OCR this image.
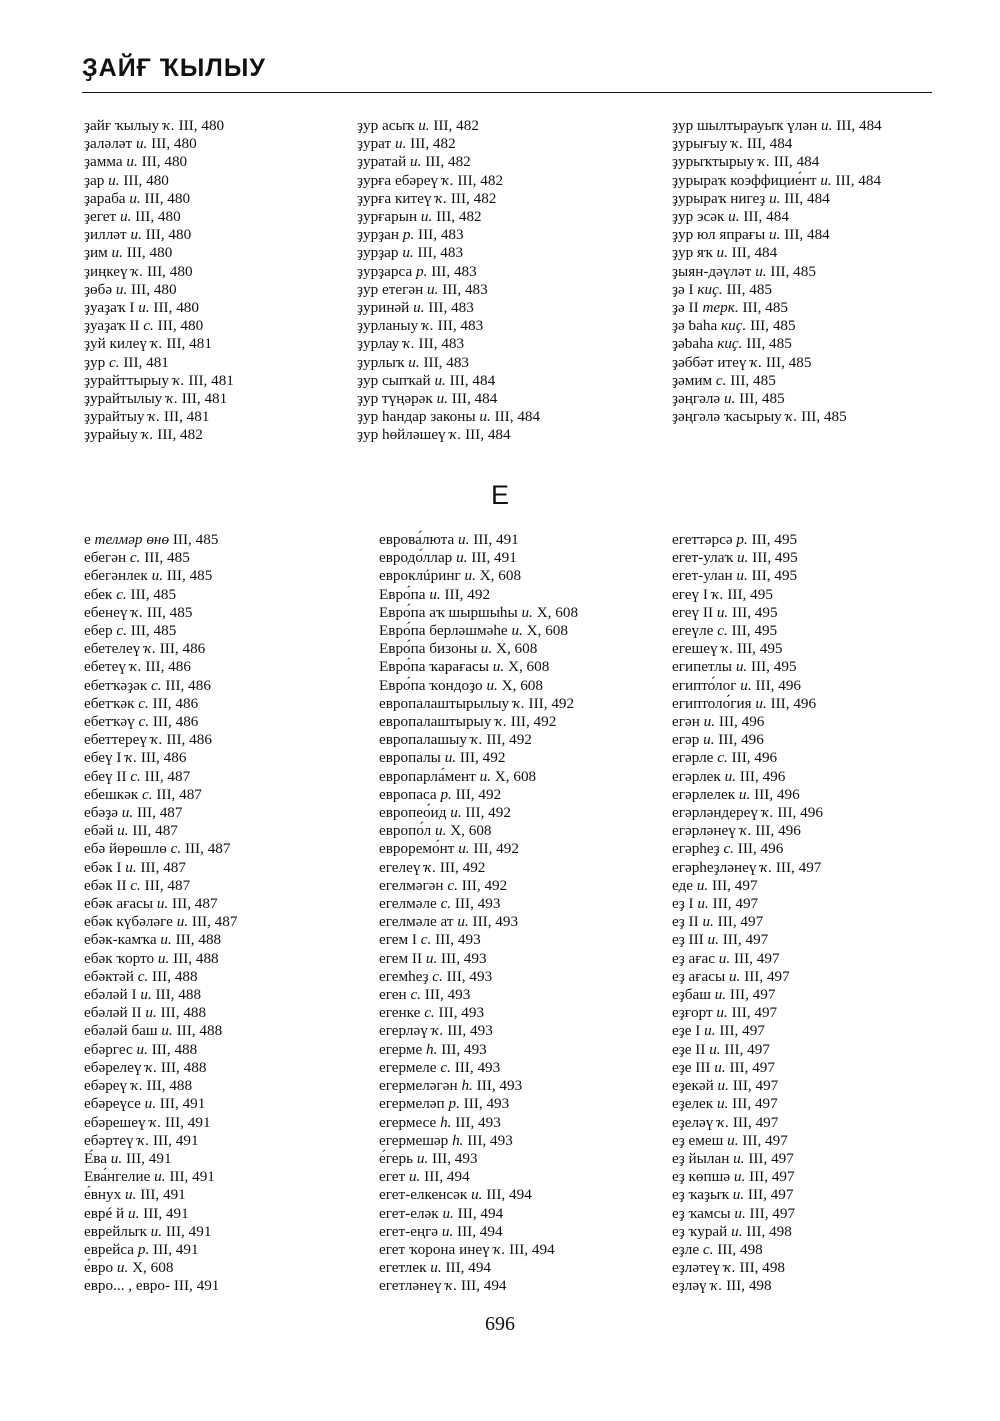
ҘАЙҒ ҠЫЛЫУ
ҙайғ ҡылыу ҡ. III, 480
ҙаләләт и. III, 480
ҙамма и. III, 480
ҙар и. III, 480
ҙараба и. III, 480
ҙегет и. III, 480
ҙилләт и. III, 480
ҙим и. III, 480
ҙиңкеү ҡ. III, 480
ҙөбә и. III, 480
ҙуаҙаҡ I и. III, 480
ҙуаҙаҡ II с. III, 480
ҙуй килеү ҡ. III, 481
ҙур с. III, 481
ҙурайттырыу ҡ. III, 481
ҙурайтылыу ҡ. III, 481
ҙурайтыу ҡ. III, 481
ҙурайыу ҡ. III, 482
ҙур асыҡ и. III, 482
ҙурат и. III, 482
ҙуратай и. III, 482
ҙурға ебәреү ҡ. III, 482
ҙурға китеү ҡ. III, 482
ҙурғарын и. III, 482
ҙурҙан р. III, 483
ҙурҙар и. III, 483
ҙурҙарса р. III, 483
ҙур етегән и. III, 483
ҙуринәй и. III, 483
ҙурланыу ҡ. III, 483
ҙурлау ҡ. III, 483
ҙурлыҡ и. III, 483
ҙур сыпҡай и. III, 484
ҙур түңәрәк и. III, 484
ҙур һандар законы и. III, 484
ҙур һөйләшеү ҡ. III, 484
ҙур шылтырауыҡ үлән и. III, 484
ҙурығыу ҡ. III, 484
ҙурыҡтырыу ҡ. III, 484
ҙурыраҡ коэффицие́нт и. III, 484
ҙурыраҡ нигеҙ и. III, 484
ҙур эсәк и. III, 484
ҙур юл япрағы и. III, 484
ҙур яҡ и. III, 484
ҙыян-дәүләт и. III, 485
ҙә I киҫ. III, 485
ҙә II терк. III, 485
ҙә ƅаһа киҫ. III, 485
ҙәƅаһа киҫ. III, 485
ҙәббәт итеү ҡ. III, 485
ҙәмим с. III, 485
ҙәңгәлә и. III, 485
ҙәңгәлә ҡасырыу ҡ. III, 485
Е
е телмәр өнө III, 485
ебегән с. III, 485
ебегәнлек и. III, 485
ебек с. III, 485
ебенеү ҡ. III, 485
ебер с. III, 485
ебетелеү ҡ. III, 486
ебетеү ҡ. III, 486
ебетҡәҙәк с. III, 486
ебетҡәк с. III, 486
ебетҡәү с. III, 486
ебеттереү ҡ. III, 486
ебеү I ҡ. III, 486
ебеү II с. III, 487
ебешкәк с. III, 487
ебәҙә и. III, 487
ебәй и. III, 487
ебә йөрөшлө с. III, 487
ебәк I и. III, 487
ебәк II с. III, 487
ебәк ағасы и. III, 487
ебәк күбәләге и. III, 487
ебәк-камҡа и. III, 488
ебәк ҡорто и. III, 488
ебәктәй с. III, 488
ебәләй I и. III, 488
ебәләй II и. III, 488
ебәләй баш и. III, 488
ебәргес и. III, 488
ебәрелеү ҡ. III, 488
ебәреү ҡ. III, 488
ебәреүсе и. III, 491
ебәрешеү ҡ. III, 491
ебәртеү ҡ. III, 491
Е́ва и. III, 491
Ева́нгелие и. III, 491
е́внух и. III, 491
еврé й и. III, 491
еврейлыҡ и. III, 491
еврейса р. III, 491
е́вро и. X, 608
евро... , евро- III, 491
еврова́люта и. III, 491
евродо́ллар и. III, 491
евроклúринг и. X, 608
Евро́па и. III, 492
Евро́па аҡ шыршыһы и. X, 608
Евро́па берләшмәһе и. X, 608
Евро́па бизоны и. X, 608
Евро́па ҡарағасы и. X, 608
Евро́па ҡондоҙо и. X, 608
европалаштырылыу ҡ. III, 492
европалаштырыу ҡ. III, 492
европалашыу ҡ. III, 492
европалы и. III, 492
европарла́мент и. X, 608
европаса р. III, 492
европео́ид и. III, 492
европо́л и. X, 608
евроремо́нт и. III, 492
егелеү ҡ. III, 492
егелмәгән с. III, 492
егелмәле с. III, 493
егелмәле ат и. III, 493
егем I с. III, 493
егем II и. III, 493
егемһеҙ с. III, 493
еген с. III, 493
егенке с. III, 493
егерләү ҡ. III, 493
егерме һ. III, 493
егермеле с. III, 493
егермеләгән һ. III, 493
егермеләп р. III, 493
егермесе һ. III, 493
егермешәр һ. III, 493
е́герь и. III, 493
егет и. III, 494
егет-елкенсәк и. III, 494
егет-еләк и. III, 494
егет-еңгә и. III, 494
егет ҡорона инеү ҡ. III, 494
егетлек и. III, 494
егетләнеү ҡ. III, 494
егеттәрсә р. III, 495
егет-улаҡ и. III, 495
егет-улан и. III, 495
егеү I ҡ. III, 495
егеү II и. III, 495
егеүле с. III, 495
егешеү ҡ. III, 495
египетлы и. III, 495
египто́лог и. III, 496
египтоло́гия и. III, 496
егән и. III, 496
егәр и. III, 496
егәрле с. III, 496
егәрлек и. III, 496
егәрлелек и. III, 496
егәрләндереү ҡ. III, 496
егәрләнеү ҡ. III, 496
егәрһеҙ с. III, 496
егәрһеҙләнеү ҡ. III, 497
еде и. III, 497
еҙ I и. III, 497
еҙ II и. III, 497
еҙ III и. III, 497
еҙ ағас и. III, 497
еҙ ағасы и. III, 497
еҙбаш и. III, 497
еҙғорт и. III, 497
еҙе I и. III, 497
еҙе II и. III, 497
еҙе III и. III, 497
еҙекәй и. III, 497
еҙелек и. III, 497
еҙеләү ҡ. III, 497
еҙ емеш и. III, 497
еҙ йылан и. III, 497
еҙ көпшә и. III, 497
еҙ ҡаҙыҡ и. III, 497
еҙ ҡамсы и. III, 497
еҙ ҡурай и. III, 498
еҙле с. III, 498
еҙләтеү ҡ. III, 498
еҙләү ҡ. III, 498
696
